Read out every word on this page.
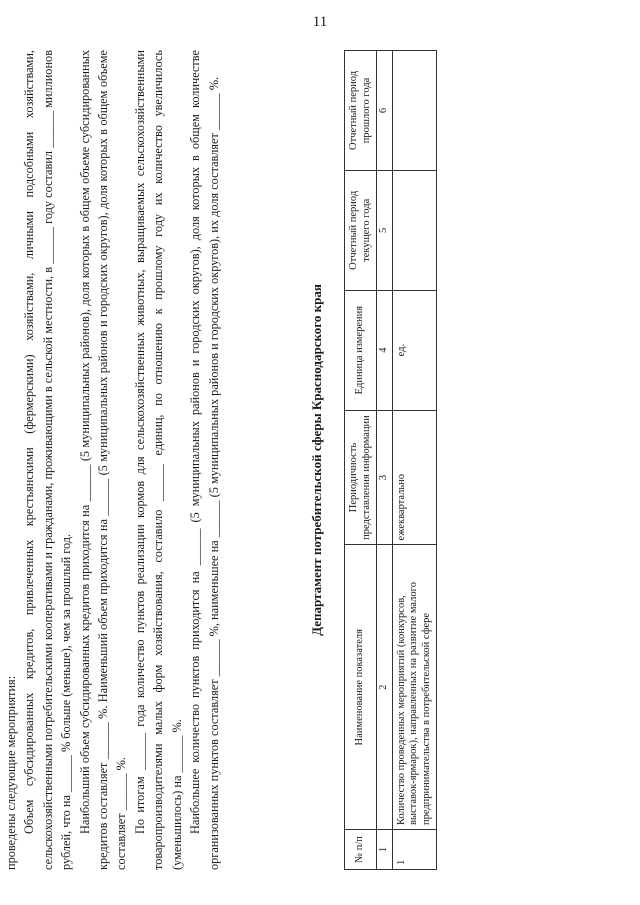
11

проведены следующие мероприятия: Объем субсидированных кредитов, привлеченных крестьянскими (фермерскими) хозяйствами, личными подсобными хозяйствами, сельскохозяйственными потребительскими кооперативами и гражданами, проживающими в сельской местности, в ______ году составил ______ миллионов рублей, что на ______ % больше (меньше), чем за прошлый год. Наибольший объем субсидированных кредитов приходится на ______ (5 муниципальных районов), доля которых в общем объеме субсидированных кредитов составляет ______ %. Наименьший объем приходится на ______ (5 муниципальных районов и городских округов), доля которых в общем объеме составляет ______ %. По итогам ______ года количество пунктов реализации кормов для сельскохозяйственных животных, выращиваемых сельскохозяйственными товаропроизводителями малых форм хозяйствования, составило ______ единиц, по отношению к прошлому году их количество увеличилось (уменьшилось) на ______ %. Наибольшее количество пунктов приходится на ______ (5 муниципальных районов и городских округов), доля которых в общем количестве организованных пунктов составляет ______ %, наименьшее на ______ (5 муниципальных районов и городских округов), их доля составляет ______ %.	Департамент потребительской сферы Краснодарского края
№ п/п	Наименование показателя	Периодичность представления информации	Единица измерения	Отчетный период текущего года	Отчетный период прошлого года
1	2	3	4	5	6
1	Количество проведенных мероприятий (конкурсов, выставок-ярмарок), направленных на развитие малого предпринимательства в потребительской сфере	ежеквартально	ед.		
